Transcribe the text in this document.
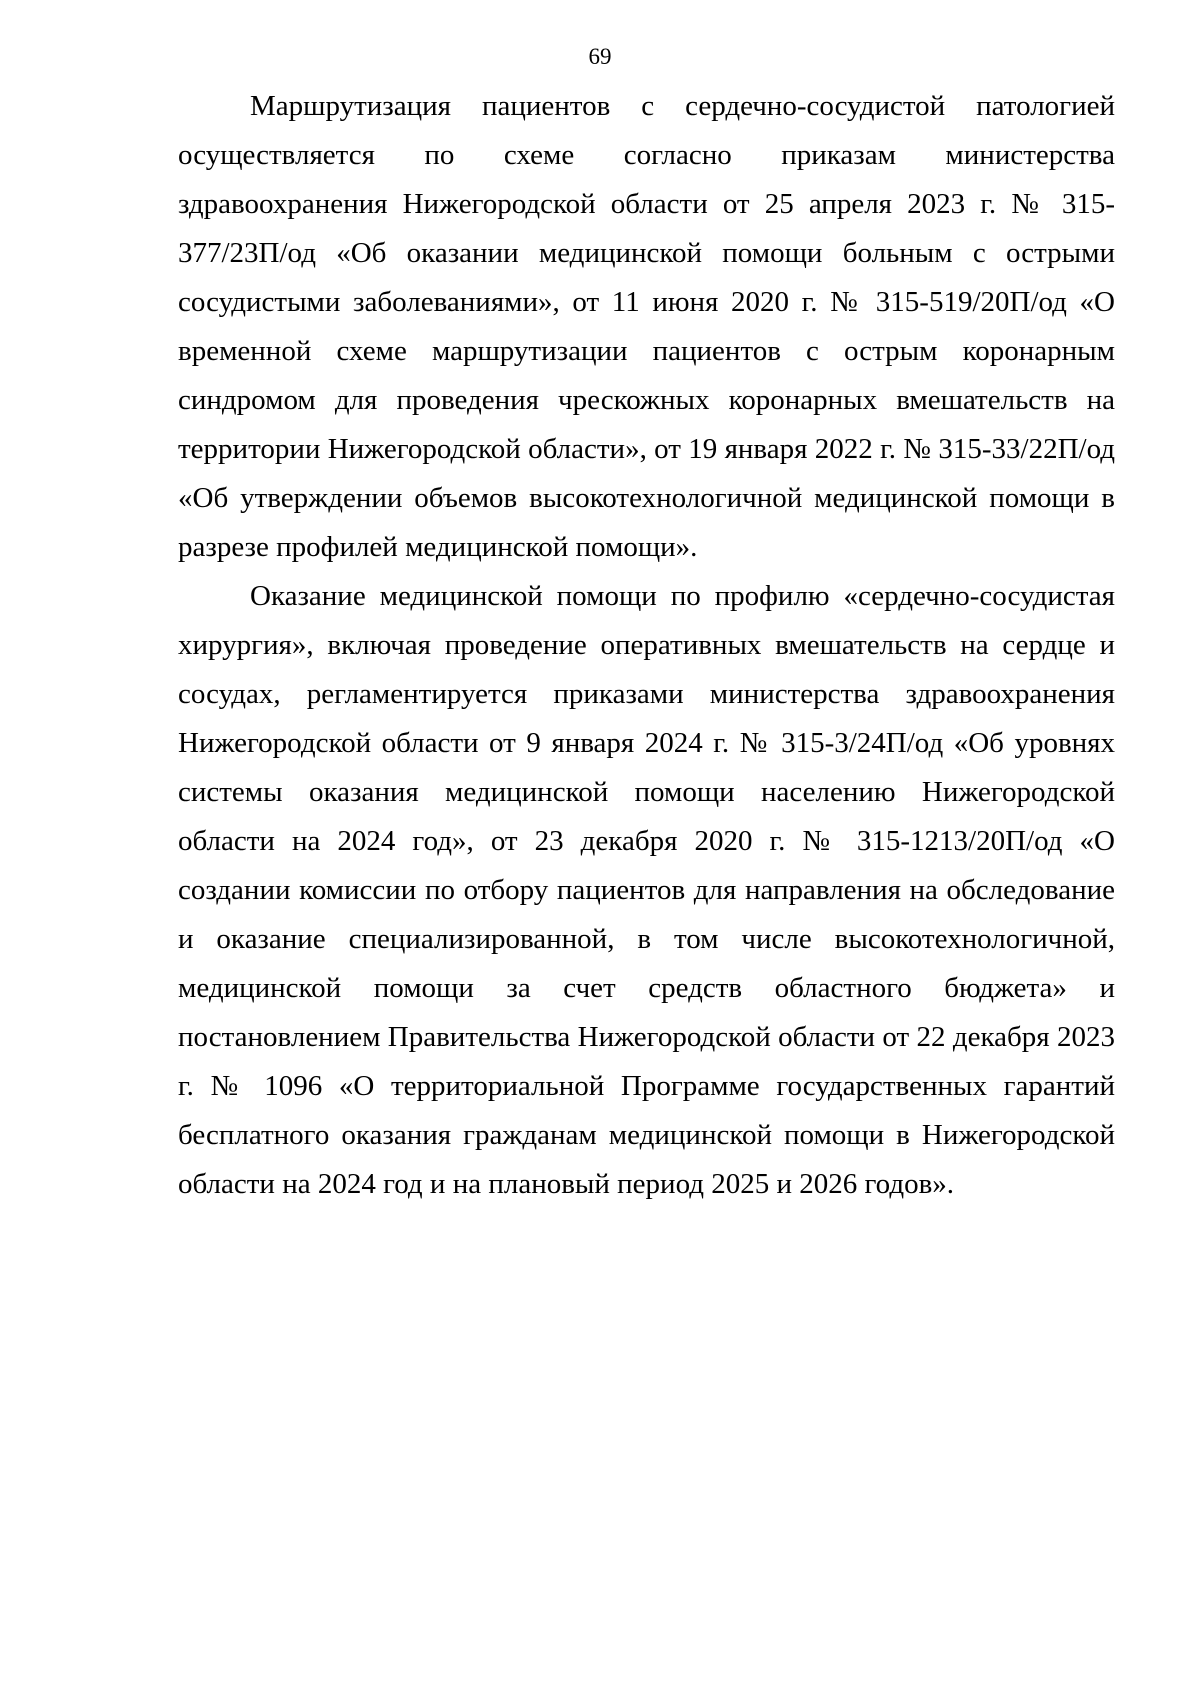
69

Маршрутизация пациентов с сердечно-сосудистой патологией осуществляется по схеме согласно приказам министерства здравоохранения Нижегородской области от 25 апреля 2023 г. № 315-377/23П/од «Об оказании медицинской помощи больным с острыми сосудистыми заболеваниями», от 11 июня 2020 г. № 315-519/20П/од «О временной схеме маршрутизации пациентов с острым коронарным синдромом для проведения чрескожных коронарных вмешательств на территории Нижегородской области», от 19 января 2022 г. № 315-33/22П/од «Об утверждении объемов высокотехнологичной медицинской помощи в разрезе профилей медицинской помощи».

Оказание медицинской помощи по профилю «сердечно-сосудистая хирургия», включая проведение оперативных вмешательств на сердце и сосудах, регламентируется приказами министерства здравоохранения Нижегородской области от 9 января 2024 г. № 315-3/24П/од «Об уровнях системы оказания медицинской помощи населению Нижегородской области на 2024 год», от 23 декабря 2020 г. № 315-1213/20П/од «О создании комиссии по отбору пациентов для направления на обследование и оказание специализированной, в том числе высокотехнологичной, медицинской помощи за счет средств областного бюджета» и постановлением Правительства Нижегородской области от 22 декабря 2023 г. № 1096 «О территориальной Программе государственных гарантий бесплатного оказания гражданам медицинской помощи в Нижегородской области на 2024 год и на плановый период 2025 и 2026 годов».
